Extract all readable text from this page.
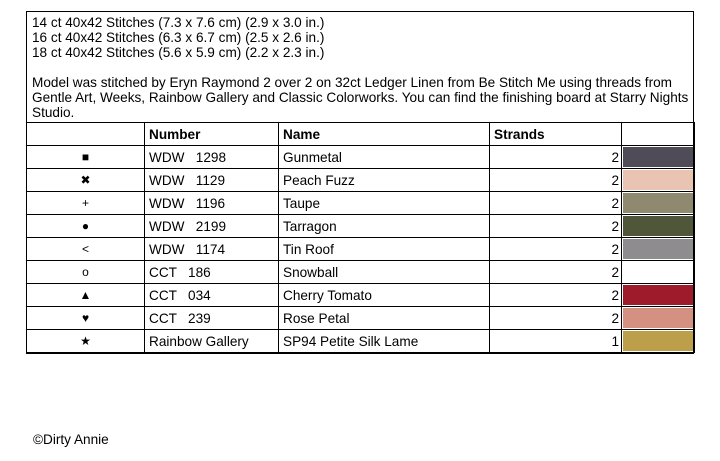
14 ct 40x42 Stitches (7.3 x 7.6 cm) (2.9 x 3.0 in.)
16 ct 40x42 Stitches (6.3 x 6.7 cm) (2.5 x 2.6 in.)
18 ct 40x42 Stitches (5.6 x 5.9 cm) (2.2 x 2.3 in.)
Model was stitched by Eryn Raymond 2 over 2 on 32ct Ledger Linen from Be Stitch Me using threads from Gentle Art, Weeks, Rainbow Gallery and Classic Colorworks. You can find the finishing board at Starry Nights Studio.
	Number	Name	Strands	
■	WDW   1298	Gunmetal	2	

✖	WDW   1129	Peach Fuzz	2	

+	WDW   1196	Taupe	2	

●	WDW   2199	Tarragon	2	

<	WDW   1174	Tin Roof	2	

o	CCT   186	Snowball	2	

▲	CCT   034	Cherry Tomato	2	

♥	CCT   239	Rose Petal	2	

★	Rainbow Gallery	SP94 Petite Silk Lame	1	
©Dirty Annie
